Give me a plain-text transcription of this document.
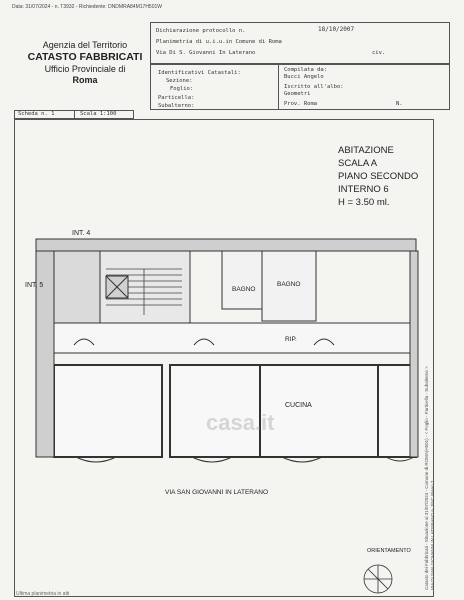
Data: 31/07/2024 - n. T3932 - Richiedente: DNDMRA84M17H501W
Agenzia del Territorio
CATASTO FABBRICATI
Ufficio Provinciale di
Roma
Dichiarazione protocollo n.	18/10/2007
Planimetria di u.i.u.in Comune di Roma
Via Di S. Giovanni In Laterano	civ.
Identificativi Catastali:
Sezione:
Foglio:
Particella:
Subalterno:
Compilata da:
Bucci Angelo
Iscritto all'albo:
Geometri
Prov. Roma	N.
Scheda n. 1	Scala 1:100
ABITAZIONE
SCALA A
PIANO SECONDO
INTERNO 6
H = 3.50 ml.
INT. 4
INT. 5
BAGNO
BAGNO
RIP.
CUCINA
casa.it
VIA SAN GIOVANNI IN LATERANO
ORIENTAMENTO
Ultima planimetria in atti
Catasto dei Fabbricati - Situazione al 31/07/2024 - Comune di ROMA(H501) - < Foglio - Particella - Subalterno > VIA DI SAN GIOVANNI IN LATERANO n. SNC Piano 2
